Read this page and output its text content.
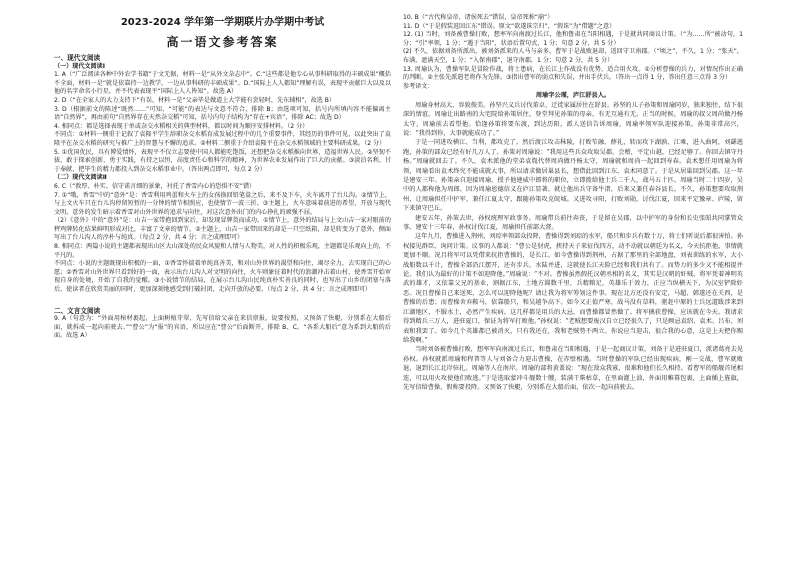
2023-2024 学年第一学期联片办学期中考试
高一语文参考答案
一、现代文阅读
（一）现代文阅读Ⅰ

1. A（“广泛阅读各种中外农学书籍”于文无据，材料一是“从外文杂志中”。C.“这些都是他专心从事科研取得的丰硕成果”概括不全面，材料一是“就是依靠持一边教学，一边从事科研的丰硕成果”。D.“国际上人人都知”理解有误，表现平贡献巨大以及以他的名字命名小行星，并不代表表现平“国际上人人皆知”。故选 A）

2. D（“在全家人的大力支持下“有误，材料一是“父亲毕是做道上大学能有尝轻时，先东辅相”，故选 B）

3. D（根据前文的陈述“既然……”可知，“可能”的表达与文意不符合，排除 B；由选项可知，括号内所填内容不能偏离主语“自然界”，再由前句“自然界存在天然杂交稻”可知，括号内句子结构为“存在+宾语”，排除 AC；故选 D）

4. 相同点：都是选择表现于单或杂交水稻相关的典型材料，都以时间为顺序安排材料。（2 分）
不同点：①材料一侧重于记叙了袁隆平学生辞职杂交水稻育成发展过程中的几个重要事件，其经历的事件可见，以此突出了袁隆平在杂交水稻的研究与推广上的智慧与不懈的追求。②材料二侧重于介绍袁隆平在杂交水稻领域的主要科研成果。（2 分）

5. ①优国优民，具有博爱情怀，表现平不仅立志要使中国人都能吃饱饭，还想把杂交水稻推向世界，造福世界人民。②坚韧不拔，敢于探索创新，勇于实践，有持之以恒，高度责任心和科学的精神，为世界农业发展作出了巨大的贡献。③淡泊名利、甘于奉献，把毕生的精力都投入到杂交水稻事业中。（答出两点即可，每点 2 分）

（二）现代文阅读Ⅱ

6. C（“敦厚、朴实、信守诺言细的景象，衬托了香雪内心的恐惧不安”错）

7. ①“哦，香雪”中的“意外”是：香雪利用鸡蛋和火车上的女孩换回铅笔盒之后，来不及下车，火车离开了台儿沟。②情节上，与上文火车只在台儿沟停留短暂的一分钟的情节相照应，也使情节一波三折。③主题上，火车意味着前进的希望，开放与现代文明。意外的发生暗示着香雪对山外世界的追求与向往，对这次意外出门的内心挣扎的顽强不屈。
（2）《意外》中的“意外”是：山吉一家带抱回到家后，却发现冒牌货而成功。①情节上，意外的结局与上文山吉一家对眼前的秤鸡牌转化结果鲜明形成对比，丰富了文章的情节。②主题上，山吉一家带回来的却是一只空纸箱，却是转变为了意外，侧面写出了台儿沟人的淳朴与纯真。（每点 2 分，共 4 分；言之成理即可）

8. 相同点：两篇小说的主题都表现出山区大山深处的民众风貌和人情与人物美，对人性的积极乐观，主题都是乐观向上的，不平凡的。
不同点：小说的主题既现出积极的一面，①香雪怀揣着单纯真善美，和对山外世界的渴望和向往，竭尽全力，去实现自己的心愿；②香雪对山外世界只看到好的一面，表示出台儿沟人对文明的向往，火车则象征着时代的浪潮冲击着山村，使香雪开始审视自身的处境，开始了自我的觉醒。③小说情节的结局，在展示台儿沟山民纯真朴实善良的同时，也写出了山乡的闭塞与落后，使读者在欣赏美丽的同时，更加深刻地感受到打破封闭、走向开放的必要。（每点 2 分，共 4 分；言之成理即可）

二、文言文阅读

9. A（句意为：“外面用棺材裹起，上面树植芽翠，先写信给父亲在来信禀报，说要按照，又预备了快艇，分别系在大船后面，就拆成一起向前驶去。”“曹公”为“报”的宾语，所以应在“曹公”后面断开，排除 B、C。“各系大船后”意为系到大船的后面。故选 A）

10. B（“古代称皇帝、诸侯死去”错误，皇帝死称“崩”）

11. D（“于是假装返回江东”错误。原文“欲遂诛宗归”，“假诛”为“借题”之意）

12. (1) 当时，刘备被曹操打败，想率军向南渡过长江，他和鲁肃在当阳相遇，于是就共同商议计策。（“为……所”被动句，1 分；“引”率领，1 分；“遇于当阳”，状语后置句式，1 分；句意 2 分，共 5 分）
(2) 不久，依据刘备所派出，被刘备派来的人马与亲多，曹军于是战败退却，返回守卫南郡。（“顷之”，不久，1 分；“张天”，布满，遮满天空，1 分；“入保南郡”，退守南郡，1 分；句意 2 分，共 5 分）

13. 周瑜认为，曹操军队是冒险作战，将士患病，在长江上作战没有优势，适合用火攻。①分析曹操的兵力，对情况作出正确的判断。②主张先派遣老将作为先锋。③指出曹军的弱点和失误，并出手伏兵。（答出一点得 1 分，答出任意三点得 3 分）

参考译文：
周瑜字公瑾，庐江舒县人。

周瑜身材高大，容貌俊美。孙坚兴义兵讨伐董卓，迁徙家属居住在舒县。孙坚的儿子孙策和周瑜同岁，独来独往，结下很深的情谊。周瑜让出路南的大宅院给孙策居住，登堂拜见孙策的母亲，有无互通有无。正当的时候，周瑜的叔父周尚做丹杨太守，周瑜前去看望他。恰逢孙策将要东渡，到达历阳，派人送信告诉周瑜，周瑜率领军队迎接孙策。孙策非常高兴，说：“我得到你，大事就能成功了。”

于是一同进攻横江、当利，都攻克了。然后渡江攻击秣陵，打败笮融、薛礼，转而攻下湖孰、江乘，进入曲阿，刘繇逃跑，孙策的部众已经有好几万人了。孙策对周瑜说：“我用这些兵众攻取吴郡、会稽，平定山越，已经足够了。你回去镇守丹杨。”周瑜就回去了。不久，袁术派他的堂弟袁胤代替周尚做丹杨太守，周瑜就和周尚一起回到寿春。袁术想任用周瑜为将领，周瑜看出袁术终究不能成就大事，所以请求做居巢县长，想借此回到江东，袁术同意了。于是从居巢回到吴郡。这一年是建安三年。孙策亲自迎接周瑜，授予他建威中郎将的职位，立即拨给他士兵二千人，战马五十匹。周瑜当时二十四岁，吴中的人都称他为周郎。因为周瑜恩德信义在庐江显著，就让他出兵守备牛渚，后来又兼任春谷县长。不久，孙策想要攻取荆州，让周瑜担任中护军，兼任江夏太守，跟随孙策攻克皖城。又进攻寻阳，打败刘勋，讨伐江夏，回来平定豫章、庐陵，留下来镇守巴丘。

建安五年，孙策去世，孙权统理军政事务。周瑜带兵前往奔丧，于是留在吴郡，以中护军的身份和长史张昭共同掌管众事。建安十三年春，孙权讨伐江夏，周瑜担任前部大督。

这年九月，曹操进入荆州，刘琮率领部众投降，曹操得到刘琮的水军，船只和步兵有数十万，将士们听说后都很害怕。孙权接见群臣，询问计策。议事的人都说：“曹公是豺虎，挟持天子来征伐四方，动不动就以朝廷为名义，今天抗拒他，事情就更加不顺。况且将军可以凭借来抗拒曹操的，是长江。如今曹操得到荆州，占据了那里的全部地盘，刘表训练的水军，大小战船数以千计，曹操全部沿江摆开，还有步兵，水陆并进，这就使长江天险已经和我们共有了。而势力的多少又不能相提并论。我们认为最好的计策不如迎降他。”周瑜说：“不对。曹操虽然假托汉朝丞相的名义，其实是汉朝的奸贼。将军凭着神明英武的雄才，又依靠父兄的基业，割据江东，土地方圆数千里，兵精粮足，英雄乐于效力，正应当纵横天下，为汉室铲除奸恶。况且曹操自己来送死，怎么可以迎降他呢？请让我为将军筹划这件事。现在北方还没有安定，马超、韩遂还在关西，是曹操的后患；而曹操舍弃鞍马，依靠船只，和吴越争高下。如今又正值严寒，战马没有草料，驱赶中原的士兵远道跋涉来到江湖地区，不服水土，必然产生疾病。这几样都是用兵的大忌，而曹操都冒然做了。将军擒获曹操，应该就在今天。我请求得到精兵三万人，进驻夏口，保证为将军打败他。”孙权说：“老贼想要废汉自立已经很久了，只是顾忌袁绍、袁术、吕布、刘表和我罢了。如今几个英雄都已被消灭，只有我还在，我和老贼势不两立。你说应当迎击，很合我的心意，这是上天把你赐给我啊。”

当时刘备被曹操打败，想率军向南渡过长江，和鲁肃在当阳相遇，于是一起商议计策，刘备于是进驻夏口，派诸葛亮去见孙权。孙权就派周瑜和程普等人与刘备合力迎击曹操，在赤壁相遇。当时曹操的军队已经出现疾病，刚一交战，曹军就败退，退到长江北岸驻扎。周瑜等人在南岸。周瑜的部将黄盖说：“现在敌众我寡，很难和他们长久相持。看曹军的船舰首尾相连，可以用火攻使他们败逃。”于是选取蒙冲斗舰数十艘，装满干柴枯草，在里面灌上油，外面用帷幕包裹，上面插上旌旗，先写信给曹操，假称要投降。又预备了快艇，分别系在大船后面，依次一起向前驶去。
